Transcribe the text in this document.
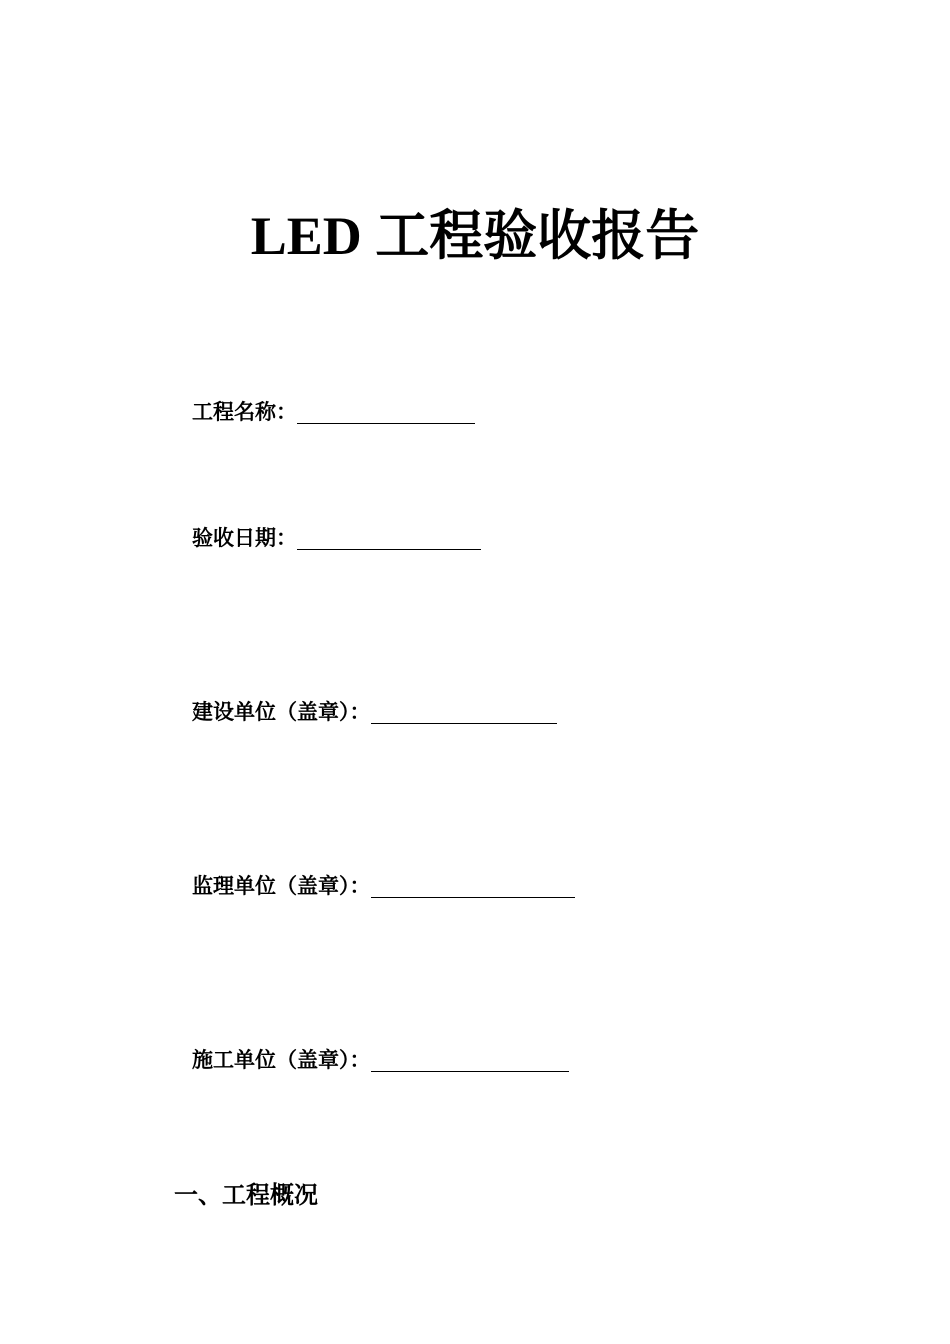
LED 工程验收报告
工程名称：
验收日期：
建设单位（盖章）：
监理单位（盖章）：
施工单位（盖章）：
一、工程概况
